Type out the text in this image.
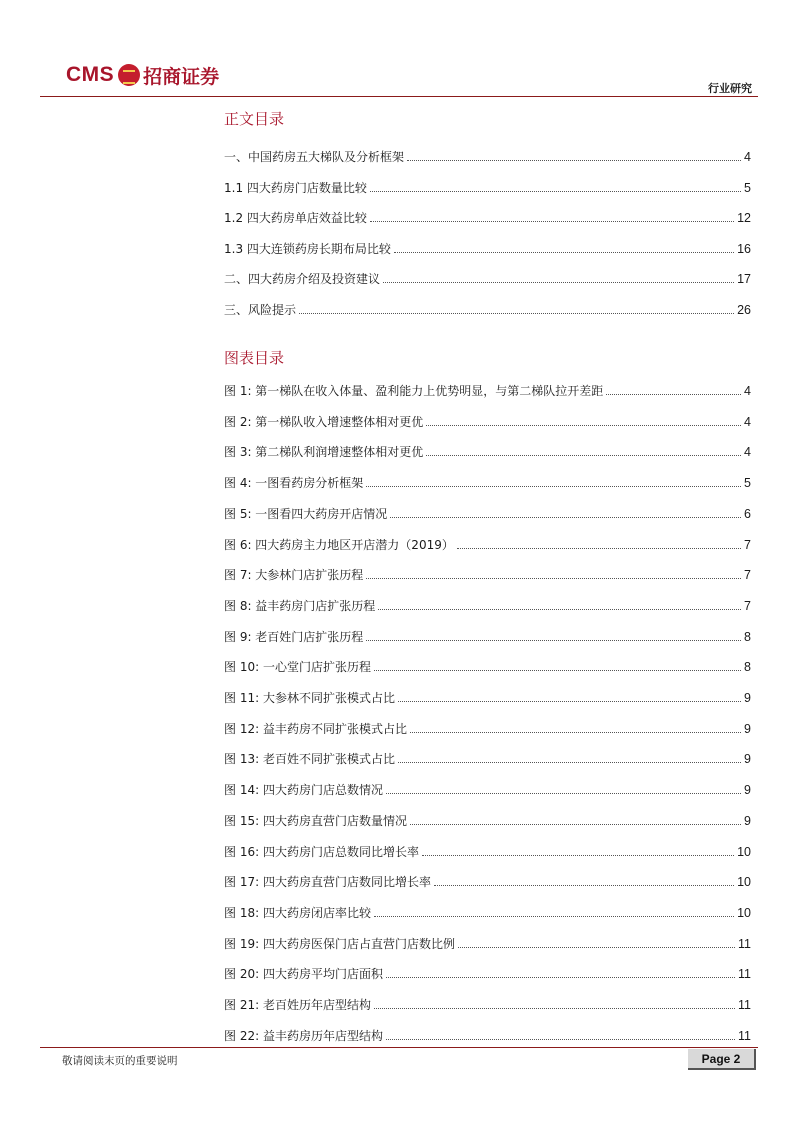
CMS 招商证券
行业研究
正文目录
一、中国药房五大梯队及分析框架	4
1.1 四大药房门店数量比较	5
1.2 四大药房单店效益比较	12
1.3 四大连锁药房长期布局比较	16
二、四大药房介绍及投资建议	17
三、风险提示	26
图表目录
图 1: 第一梯队在收入体量、盈利能力上优势明显，与第二梯队拉开差距	4
图 2: 第一梯队收入增速整体相对更优	4
图 3: 第二梯队利润增速整体相对更优	4
图 4: 一图看药房分析框架	5
图 5: 一图看四大药房开店情况	6
图 6: 四大药房主力地区开店潜力（2019）	7
图 7: 大参林门店扩张历程	7
图 8: 益丰药房门店扩张历程	7
图 9: 老百姓门店扩张历程	8
图 10: 一心堂门店扩张历程	8
图 11: 大参林不同扩张模式占比	9
图 12: 益丰药房不同扩张模式占比	9
图 13: 老百姓不同扩张模式占比	9
图 14: 四大药房门店总数情况	9
图 15: 四大药房直营门店数量情况	9
图 16: 四大药房门店总数同比增长率	10
图 17: 四大药房直营门店数同比增长率	10
图 18: 四大药房闭店率比较	10
图 19: 四大药房医保门店占直营门店数比例	11
图 20: 四大药房平均门店面积	11
图 21: 老百姓历年店型结构	11
图 22: 益丰药房历年店型结构	11
敬请阅读末页的重要说明	Page 2
